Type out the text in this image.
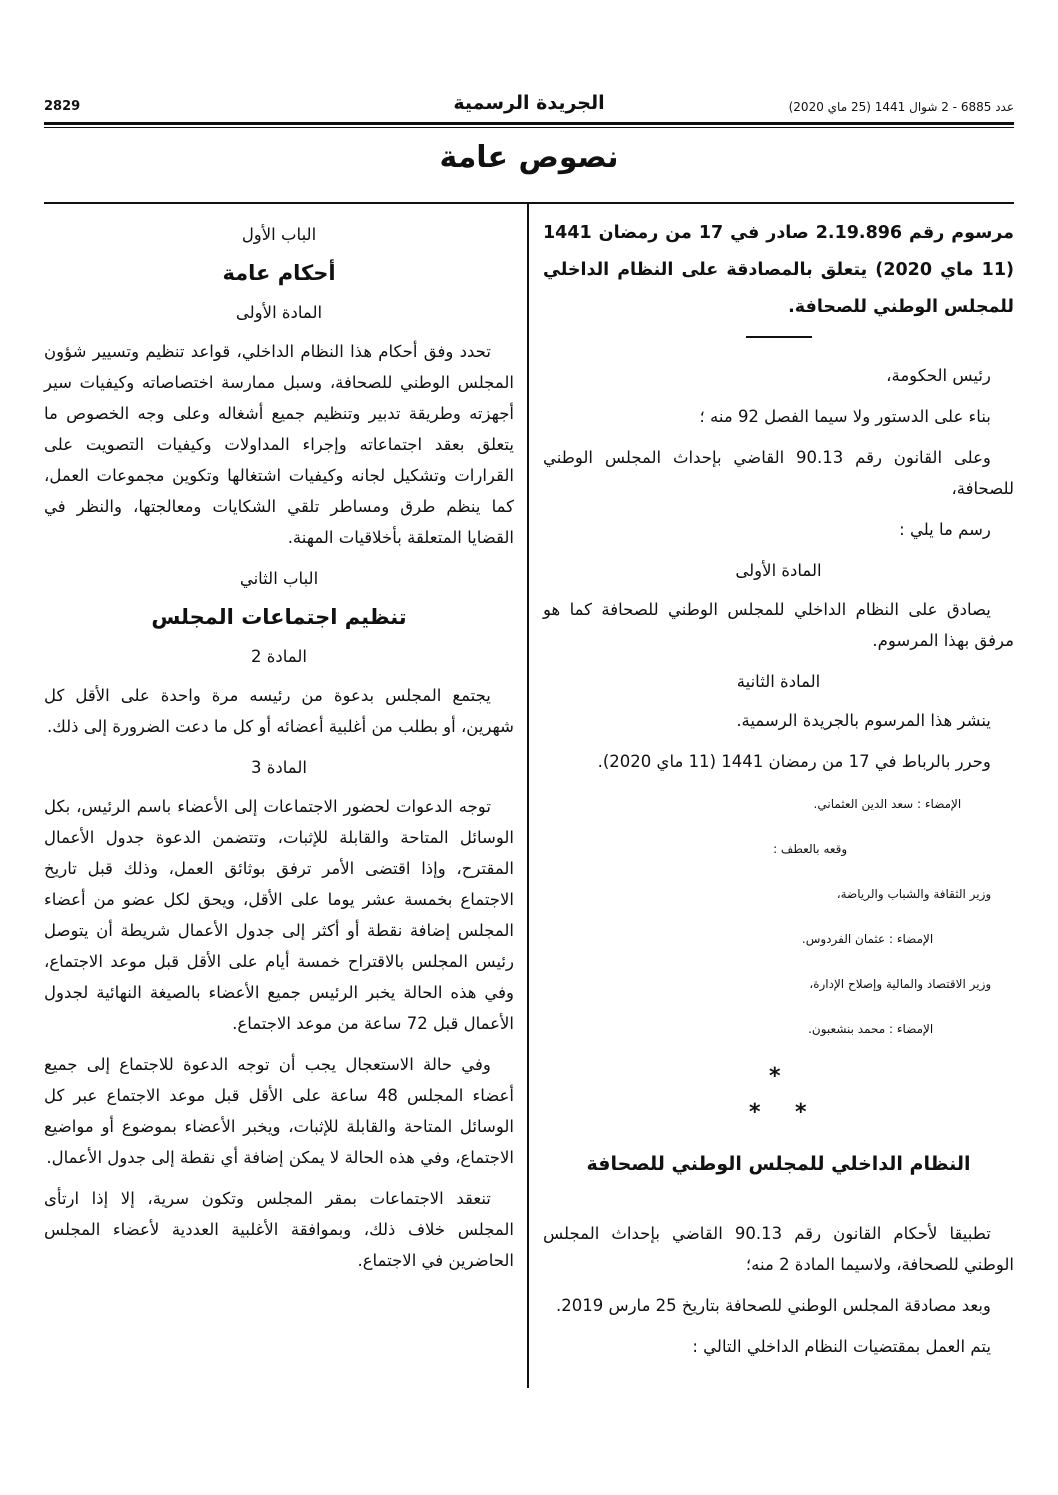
2829	الجريدة الرسمية	عدد 6885 - 2 شوال 1441 (25 ماي 2020)
نصوص عامة

مرسوم رقم 2.19.896 صادر في 17 من رمضان 1441 (11 ماي 2020) يتعلق بالمصادقة على النظام الداخلي للمجلس الوطني للصحافة.

رئيس الحكومة،

بناء على الدستور ولا سيما الفصل 92 منه ؛

وعلى القانون رقم 90.13 القاضي بإحداث المجلس الوطني للصحافة،

رسم ما يلي :

المادة الأولى

يصادق على النظام الداخلي للمجلس الوطني للصحافة كما هو مرفق بهذا المرسوم.

المادة الثانية

ينشر هذا المرسوم بالجريدة الرسمية.

وحرر بالرباط في 17 من رمضان 1441 (11 ماي 2020).

الإمضاء : سعد الدين العثماني.

وقعه بالعطف :

وزير الثقافة والشباب والرياضة،

الإمضاء : عثمان الفردوس.

وزير الاقتصاد والمالية وإصلاح الإدارة،

الإمضاء : محمد بنشعبون.

*
* *
النظام الداخلي للمجلس الوطني للصحافة

تطبيقا لأحكام القانون رقم 90.13 القاضي بإحداث المجلس الوطني للصحافة، ولاسيما المادة 2 منه؛

وبعد مصادقة المجلس الوطني للصحافة بتاريخ 25 مارس 2019.

يتم العمل بمقتضيات النظام الداخلي التالي :

الباب الأول
أحكام عامة
المادة الأولى

تحدد وفق أحكام هذا النظام الداخلي، قواعد تنظيم وتسيير شؤون المجلس الوطني للصحافة، وسبل ممارسة اختصاصاته وكيفيات سير أجهزته وطريقة تدبير وتنظيم جميع أشغاله وعلى وجه الخصوص ما يتعلق بعقد اجتماعاته وإجراء المداولات وكيفيات التصويت على القرارات وتشكيل لجانه وكيفيات اشتغالها وتكوين مجموعات العمل، كما ينظم طرق ومساطر تلقي الشكايات ومعالجتها، والنظر في القضايا المتعلقة بأخلاقيات المهنة.

الباب الثاني
تنظيم اجتماعات المجلس
المادة 2

يجتمع المجلس بدعوة من رئيسه مرة واحدة على الأقل كل شهرين، أو بطلب من أغلبية أعضائه أو كل ما دعت الضرورة إلى ذلك.

المادة 3

توجه الدعوات لحضور الاجتماعات إلى الأعضاء باسم الرئيس، بكل الوسائل المتاحة والقابلة للإثبات، وتتضمن الدعوة جدول الأعمال المقترح، وإذا اقتضى الأمر ترفق بوثائق العمل، وذلك قبل تاريخ الاجتماع بخمسة عشر يوما على الأقل، ويحق لكل عضو من أعضاء المجلس إضافة نقطة أو أكثر إلى جدول الأعمال شريطة أن يتوصل رئيس المجلس بالاقتراح خمسة أيام على الأقل قبل موعد الاجتماع، وفي هذه الحالة يخبر الرئيس جميع الأعضاء بالصيغة النهائية لجدول الأعمال قبل 72 ساعة من موعد الاجتماع.

وفي حالة الاستعجال يجب أن توجه الدعوة للاجتماع إلى جميع أعضاء المجلس 48 ساعة على الأقل قبل موعد الاجتماع عبر كل الوسائل المتاحة والقابلة للإثبات، ويخبر الأعضاء بموضوع أو مواضيع الاجتماع، وفي هذه الحالة لا يمكن إضافة أي نقطة إلى جدول الأعمال.

تنعقد الاجتماعات بمقر المجلس وتكون سرية، إلا إذا ارتأى المجلس خلاف ذلك، وبموافقة الأغلبية العددية لأعضاء المجلس الحاضرين في الاجتماع.
